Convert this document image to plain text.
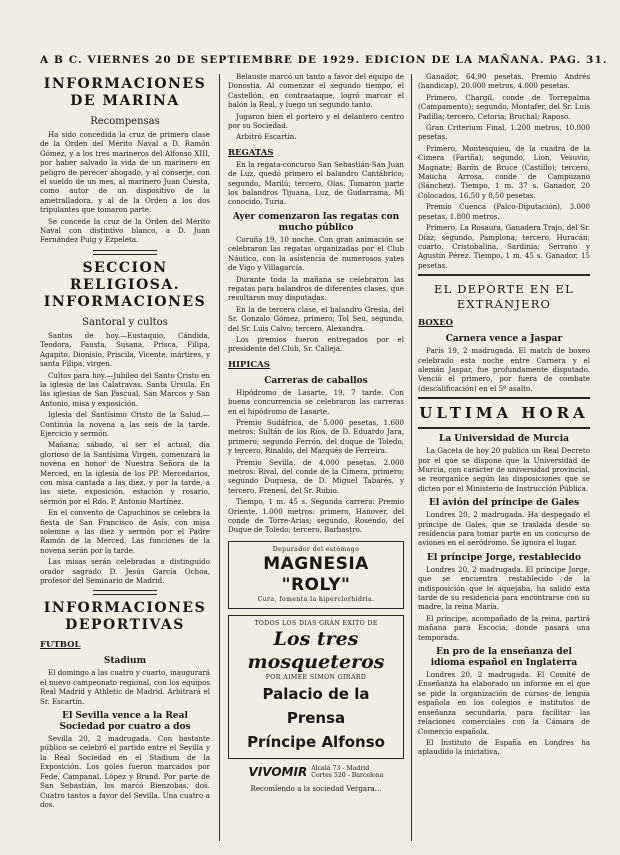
A B C. VIERNES 20 DE SEPTIEMBRE DE 1929. EDICION DE LA MAÑANA. PAG. 31.
INFORMACIONES DE MARINA
Recompensas

Ha sido concedida la cruz de primera clase de la Orden del Mérito Naval a D. Ramón Gómez, y a los tres marineros del Alfonso XIII, por haber salvado la vida de un marinero en peligro de perecer ahogado, y al conserje, con el sueldo de un mes, al marinero Juan Cuesta, como autor de un dispositivo de la ametralladora, y al de la Orden a los dos tripulantes que tomaron parte.

Se concede la cruz de la Orden del Mérito Naval con distintivo blanco, a D. Juan Fernández Puig y Ezpeleta.

SECCION RELIGIOSA. INFORMACIONES
Santoral y cultos

Santos de hoy.—Eustaquio, Cándida, Teodora, Fausta, Susana, Prisca, Filipa, Agapito, Dionisio, Priscila, Vicente, mártires, y santa Filipa, virgen.

Cultos para hoy.—Jubileo del Santo Cristo en la iglesia de las Calatravas. Santa Ursula. En las iglesias de San Pascual, San Marcos y San Antonio, misa y exposición.

Iglesia del Santísimo Cristo de la Salud.—Continúa la novena a las seis de la tarde. Ejercicio y sermón.

Mañana, sábado, al ser el actual, día glorioso de la Santísima Virgen, comenzará la novena en honor de Nuestra Señora de la Merced, en la iglesia de los PP. Mercedarios, con misa cantada a las diez, y por la tarde, a las siete, exposición, estación y rosario, sermón por el Rdo. P. Antonio Martínez.

En el convento de Capuchinos se celebra la fiesta de San Francisco de Asís, con misa solemne a las diez y sermón por el Padre Ramón de la Merced. Las funciones de la novena serán por la tarde.

Las misas serán celebradas a distinguido orador sagrado D. Jesús García Ochoa, profesor del Seminario de Madrid.

INFORMACIONES DEPORTIVAS
FUTBOL
Stadium

El domingo a las cuatro y cuarto, inaugurará el nuevo campeonato regional, con los equipos Real Madrid y Athletic de Madrid. Arbitrará el Sr. Escartín.

El Sevilla vence a la Real Sociedad por cuatro a dos

Sevilla 20, 2 madrugada. Con bastante público se celebró el partido entre el Sevilla y la Real Sociedad en el Stadium de la Exposición. Los goles fueron marcados por Fede, Campanal, López y Brand. Por parte de San Sebastián, los marcó Bienzobas, dos. Cuatro tantos a favor del Sevilla. Una cuatro a dos.

Belauste marcó un tanto a favor del equipo de Donostia. Al comenzar el segundo tiempo, el Castellón, en contraataque, logró marcar el balón la Real, y luego un segundo tanto.

Jugaron bien el portero y el delantero centro por su Sociedad.

Arbitró Escartín.

REGATAS

En la regata-concurso San Sebastián-San Juan de Luz, quedó primero el balandro Cantábrico; segundo, Marilú; tercero, Olas. Tomaron parte los balandros Tijuana, Luz, de Gudarrama, Mi conocido, Turia.

Ayer comenzaron las regatas con mucho público

Coruña 19, 10 noche. Con gran animación se celebraron las regatas organizadas por el Club Náutico, con la asistencia de numerosos yates de Vigo y Villagarcía.

Durante toda la mañana se celebraron las regatas para balandros de diferentes clases, que resultaron muy disputadas.

En la de tercera clase, el balandro Gresia, del Sr. Gonzalo Gómez, primero; Tol Seu, segundo, del Sr. Luis Calvo; tercero, Alexandra.

Los premios fueron entregados por el presidente del Club, Sr. Calleja.

HIPICAS
Carreras de caballos

Hipódromo de Lasarte, 19, 7 tarde. Con buena concurrencia se celebraron las carreras en el hipódromo de Lasarte.

Premio Sudáfrica, de 5.000 pesetas, 1.600 metros: Sultán de los Ríos, de D. Eduardo Jara, primero; segundo Ferrón, del duque de Toledo, y tercero, Rinaldo, del Marqués de Ferreira.

Premio Sevilla, de 4.000 pesetas, 2.000 metros: Rival, del conde de la Cimera, primero; segundo Duquesa, de D. Miguel Tabarés, y tercero, Frenesí, del Sr. Rubio.

Tiempo, 1 m. 45 s. Segunda carrera: Premio Oriente, 1.000 metros: primero, Hanover, del conde de Torre-Arias; segundo, Rosendo, del Duque de Toledo; tercero, Barbastro.

Depurador del estómago
MAGNESIA "ROLY"
Cura, fomenta la hiperclorhidria.
TODOS LOS DIAS GRAN EXITO DE
Los tres mosqueteros
POR AIMEE SIMON GIRARD
Palacio de la Prensa
Príncipe Alfonso
VIVOMIR Alcalá 73 - Madrid
Cortes 520 - Barcelona

Recomiendo a la sociedad Vergara...

Ganador, 64,90 pesetas. Premio Andrés (handicap), 20.000 metros, 4.000 pesetas.

Primero, Chargil, conde de Torrepalma (Campamento); segundo, Montafer, del Sr. Luis Padilla; tercero, Cetoria; Bruchal; Raposo.

Gran Criterium Final, 1.200 metros, 10.000 pesetas.

Primero, Montesquieu, de la cuadra de la Cimera (Fariña); segundo, Lion, Vesuvio, Magnate; Barón de Bruce (Castillo); tercero, Maucha Arrosa, conde de Campuzano (Sánchez). Tiempo, 1 m. 37 s. Ganador, 20 Colocados, 16,50 y 8,50 pesetas.

Premio Cuenca (Palco-Diputación), 3.000 pesetas, 1.800 metros.

Primero, La Rosaura, Ganadera Trajo, del Sr. Diaz; segundo, Pamplona; tercero, Huracán; cuarto, Cristobalina, Sardinia; Serrano y Agustín Pérez. Tiempo, 1 m. 45 s. Ganador, 15 pesetas.

EL DEPORTE EN EL EXTRANJERO
BOXEO
Carnera vence a Jaspar

París 19, 2 madrugada. El match de boxeo celebrado esta noche entre Carnera y el alemán Jaspar, fue profundamente disputado. Venció el primero, por fuera de combate (descalificación) en el 5º asalto.

ULTIMA HORA
La Universidad de Murcia

La Gaceta de hoy 20 publica un Real Decreto por el que se dispone que la Universidad de Murcia, con carácter de universidad provincial, se reorganice según las disposiciones que se dicten por el Ministerio de Instrucción Pública.

El avión del príncipe de Gales

Londres 20, 2 madrugada. Ha despegado el príncipe de Gales, que se traslada desde su residencia para tomar parte en un concurso de aviones en el aeródromo. Se ignora el lugar.

El príncipe Jorge, restablecido

Londres 20, 2 madrugada. El príncipe Jorge, que se encuentra restablecido de la indisposición que le aquejaba, ha salido esta tarde de su residencia para encontrarse con su madre, la reina María.

El príncipe, acompañado de la reina, partirá mañana para Escocia, donde pasará una temporada.

En pro de la enseñanza del idioma español en Inglaterra

Londres 20, 2 madrugada. El Comité de Enseñanza ha elaborado un informe en el que se pide la organización de cursos de lengua española en los colegios e institutos de enseñanza secundaria, para facilitar las relaciones comerciales con la Cámara de Comercio española.

El Instituto de España en Londres ha aplaudido la iniciativa.
